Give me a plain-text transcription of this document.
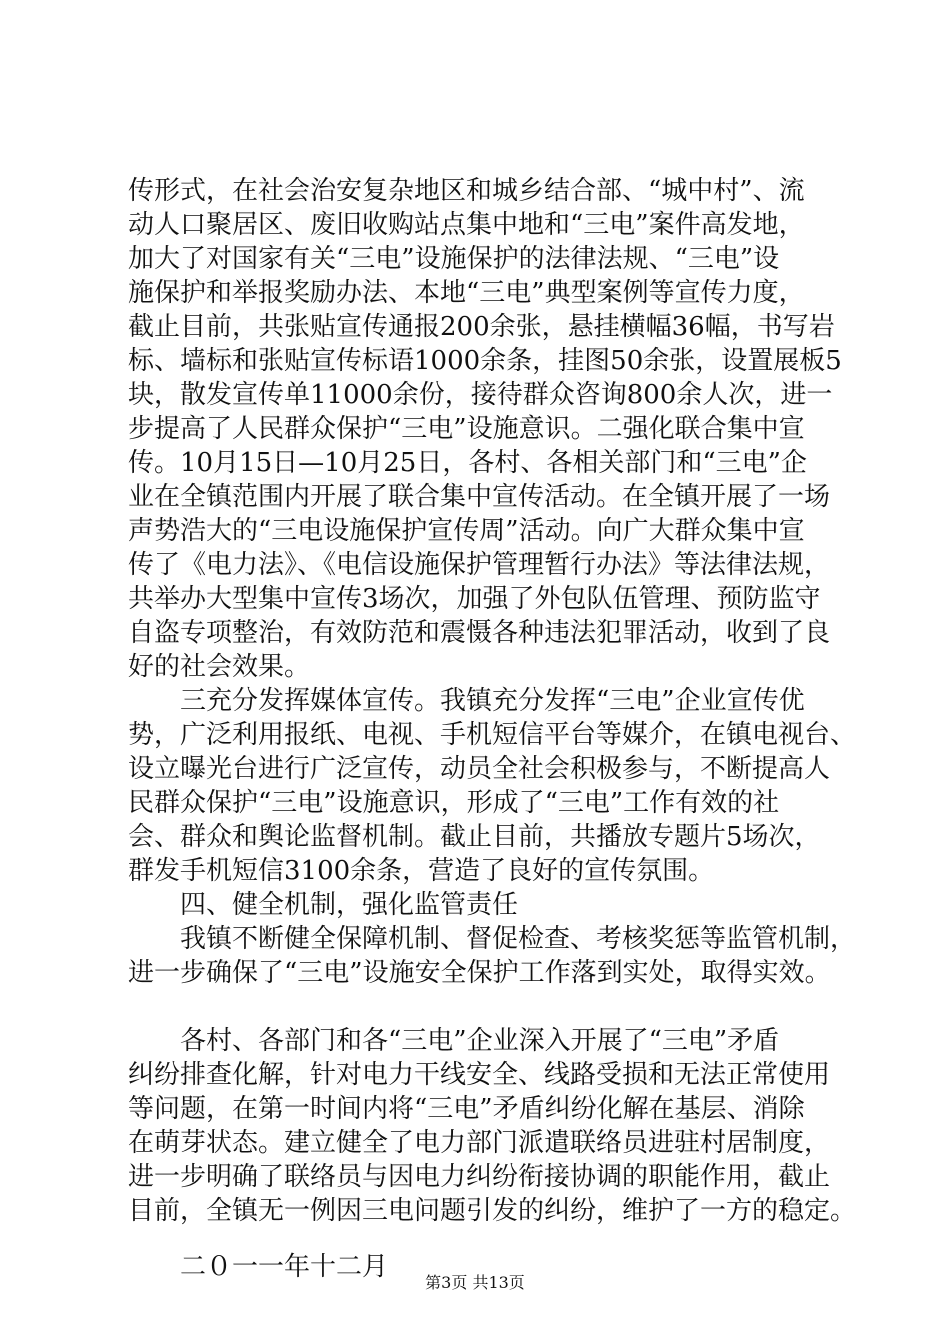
传形式，在社会治安复杂地区和城乡结合部、“城中村”、流
动人口聚居区、废旧收购站点集中地和“三电”案件高发地，
加大了对国家有关“三电”设施保护的法律法规、“三电”设
施保护和举报奖励办法、本地“三电”典型案例等宣传力度，
截止目前，共张贴宣传通报200余张，悬挂横幅36幅，书写岩
标、墙标和张贴宣传标语1000余条，挂图50余张，设置展板5
块，散发宣传单11000余份，接待群众咨询800余人次，进一
步提高了人民群众保护“三电”设施意识。二强化联合集中宣
传。10月15日—10月25日，各村、各相关部门和“三电”企
业在全镇范围内开展了联合集中宣传活动。在全镇开展了一场
声势浩大的“三电设施保护宣传周”活动。向广大群众集中宣
传了《电力法》、《电信设施保护管理暂行办法》等法律法规，
共举办大型集中宣传3场次，加强了外包队伍管理、预防监守
自盗专项整治，有效防范和震慑各种违法犯罪活动，收到了良
好的社会效果。
三充分发挥媒体宣传。我镇充分发挥“三电”企业宣传优
势，广泛利用报纸、电视、手机短信平台等媒介，在镇电视台、
设立曝光台进行广泛宣传，动员全社会积极参与，不断提高人
民群众保护“三电”设施意识，形成了“三电”工作有效的社
会、群众和舆论监督机制。截止目前，共播放专题片5场次，
群发手机短信3100余条，营造了良好的宣传氛围。
四、健全机制，强化监管责任
我镇不断健全保障机制、督促检查、考核奖惩等监管机制，
进一步确保了“三电”设施安全保护工作落到实处，取得实效。
各村、各部门和各“三电”企业深入开展了“三电”矛盾
纠纷排查化解，针对电力干线安全、线路受损和无法正常使用
等问题，在第一时间内将“三电”矛盾纠纷化解在基层、消除
在萌芽状态。建立健全了电力部门派遣联络员进驻村居制度，
进一步明确了联络员与因电力纠纷衔接协调的职能作用，截止
目前，全镇无一例因三电问题引发的纠纷，维护了一方的稳定。
二０一一年十二月
第3页 共13页
